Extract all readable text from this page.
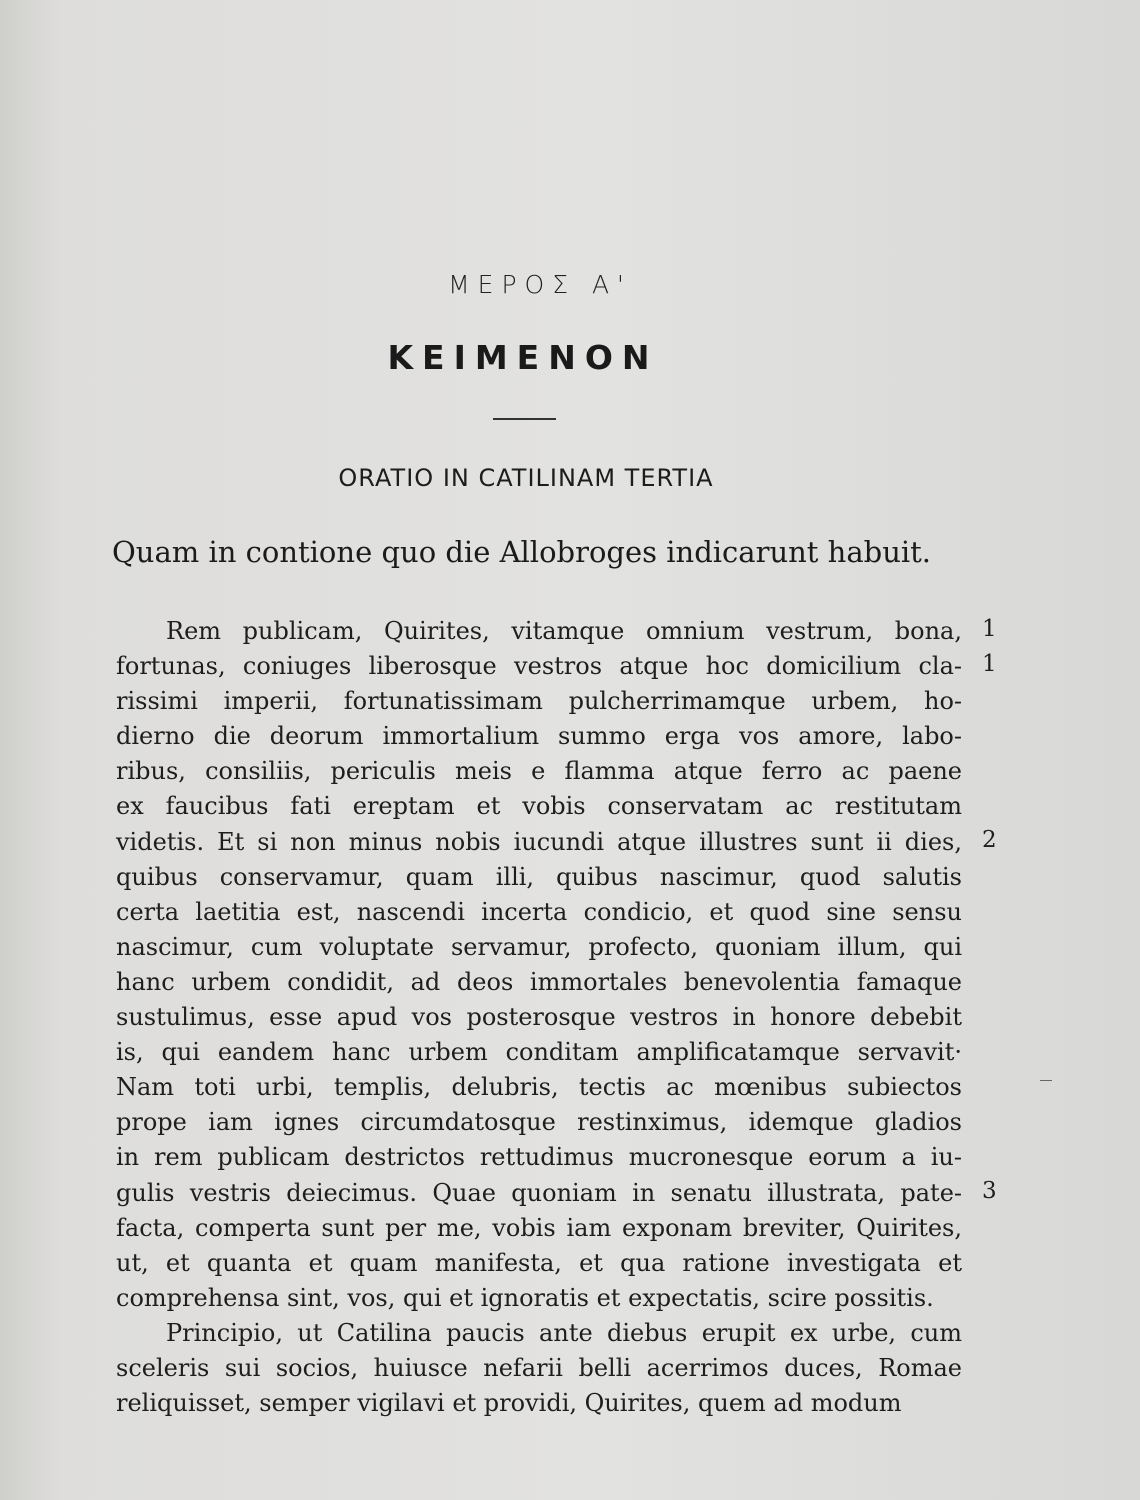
ΜΕΡΟΣ Α'
ΚΕΙΜΕΝΟΝ
ORATIO IN CATILINAM TERTIA
Quam in contione quo die Allobroges indicarunt habuit.
Rem publicam, Quirites, vitamque omnium vestrum, bona,
fortunas, coniuges liberosque vestros atque hoc domicilium cla-
rissimi imperii, fortunatissimam pulcherrimamque urbem, ho-
dierno die deorum immortalium summo erga vos amore, labo-
ribus, consiliis, periculis meis e flamma atque ferro ac paene
ex faucibus fati ereptam et vobis conservatam ac restitutam
videtis. Et si non minus nobis iucundi atque illustres sunt ii dies,
quibus conservamur, quam illi, quibus nascimur, quod salutis
certa laetitia est, nascendi incerta condicio, et quod sine sensu
nascimur, cum voluptate servamur, profecto, quoniam illum, qui
hanc urbem condidit, ad deos immortales benevolentia famaque
sustulimus, esse apud vos posterosque vestros in honore debebit
is, qui eandem hanc urbem conditam amplificatamque servavit·
Nam toti urbi, templis, delubris, tectis ac mœnibus subiectos
prope iam ignes circumdatosque restinximus, idemque gladios
in rem publicam destrictos rettudimus mucronesque eorum a iu-
gulis vestris deiecimus. Quae quoniam in senatu illustrata, pate-
facta, comperta sunt per me, vobis iam exponam breviter, Quirites,
ut, et quanta et quam manifesta, et qua ratione investigata et
comprehensa sint, vos, qui et ignoratis et expectatis, scire possitis.
Principio, ut Catilina paucis ante diebus erupit ex urbe, cum
sceleris sui socios, huiusce nefarii belli acerrimos duces, Romae
reliquisset, semper vigilavi et providi, Quirites, quem ad modum
1
1
2
3
